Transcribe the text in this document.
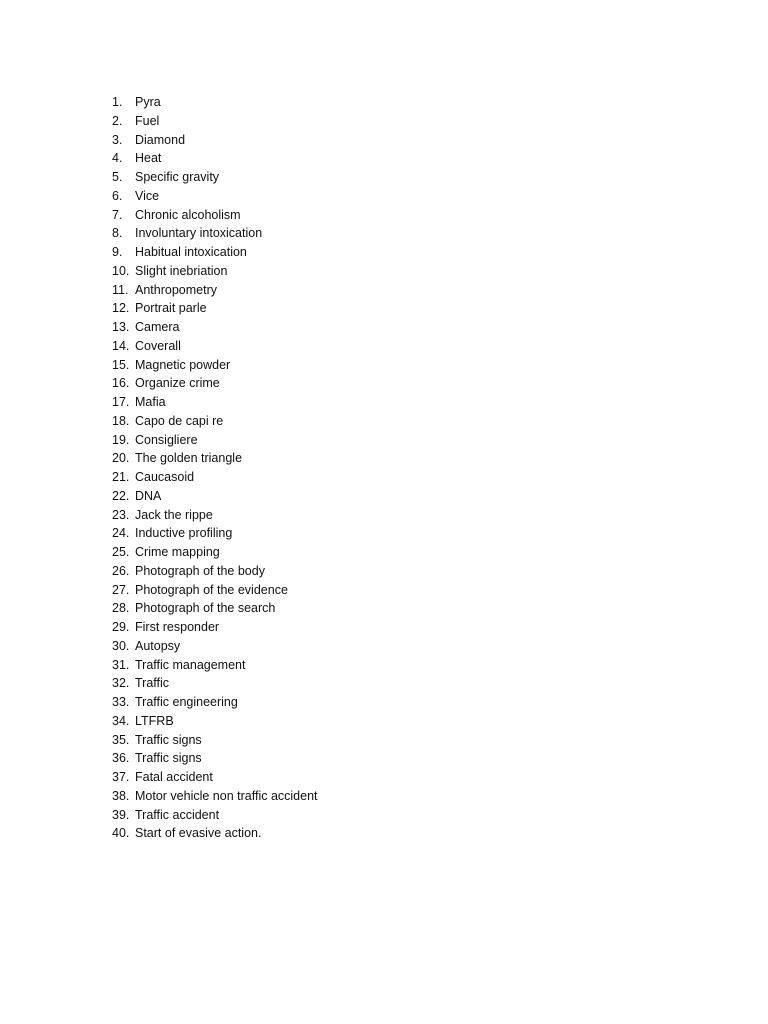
1.	Pyra
2.	Fuel
3.	Diamond
4.	Heat
5.	Specific gravity
6.	Vice
7.	Chronic alcoholism
8.	Involuntary intoxication
9.	Habitual intoxication
10. Slight inebriation
11. Anthropometry
12. Portrait parle
13. Camera
14. Coverall
15. Magnetic powder
16. Organize crime
17. Mafia
18. Capo de capi re
19. Consigliere
20. The golden triangle
21. Caucasoid
22. DNA
23. Jack the rippe
24. Inductive profiling
25. Crime mapping
26. Photograph of the body
27. Photograph of the evidence
28. Photograph of the search
29. First responder
30. Autopsy
31. Traffic management
32. Traffic
33. Traffic engineering
34. LTFRB
35. Traffic signs
36. Traffic signs
37. Fatal accident
38. Motor vehicle non traffic accident
39. Traffic accident
40. Start of evasive action.
